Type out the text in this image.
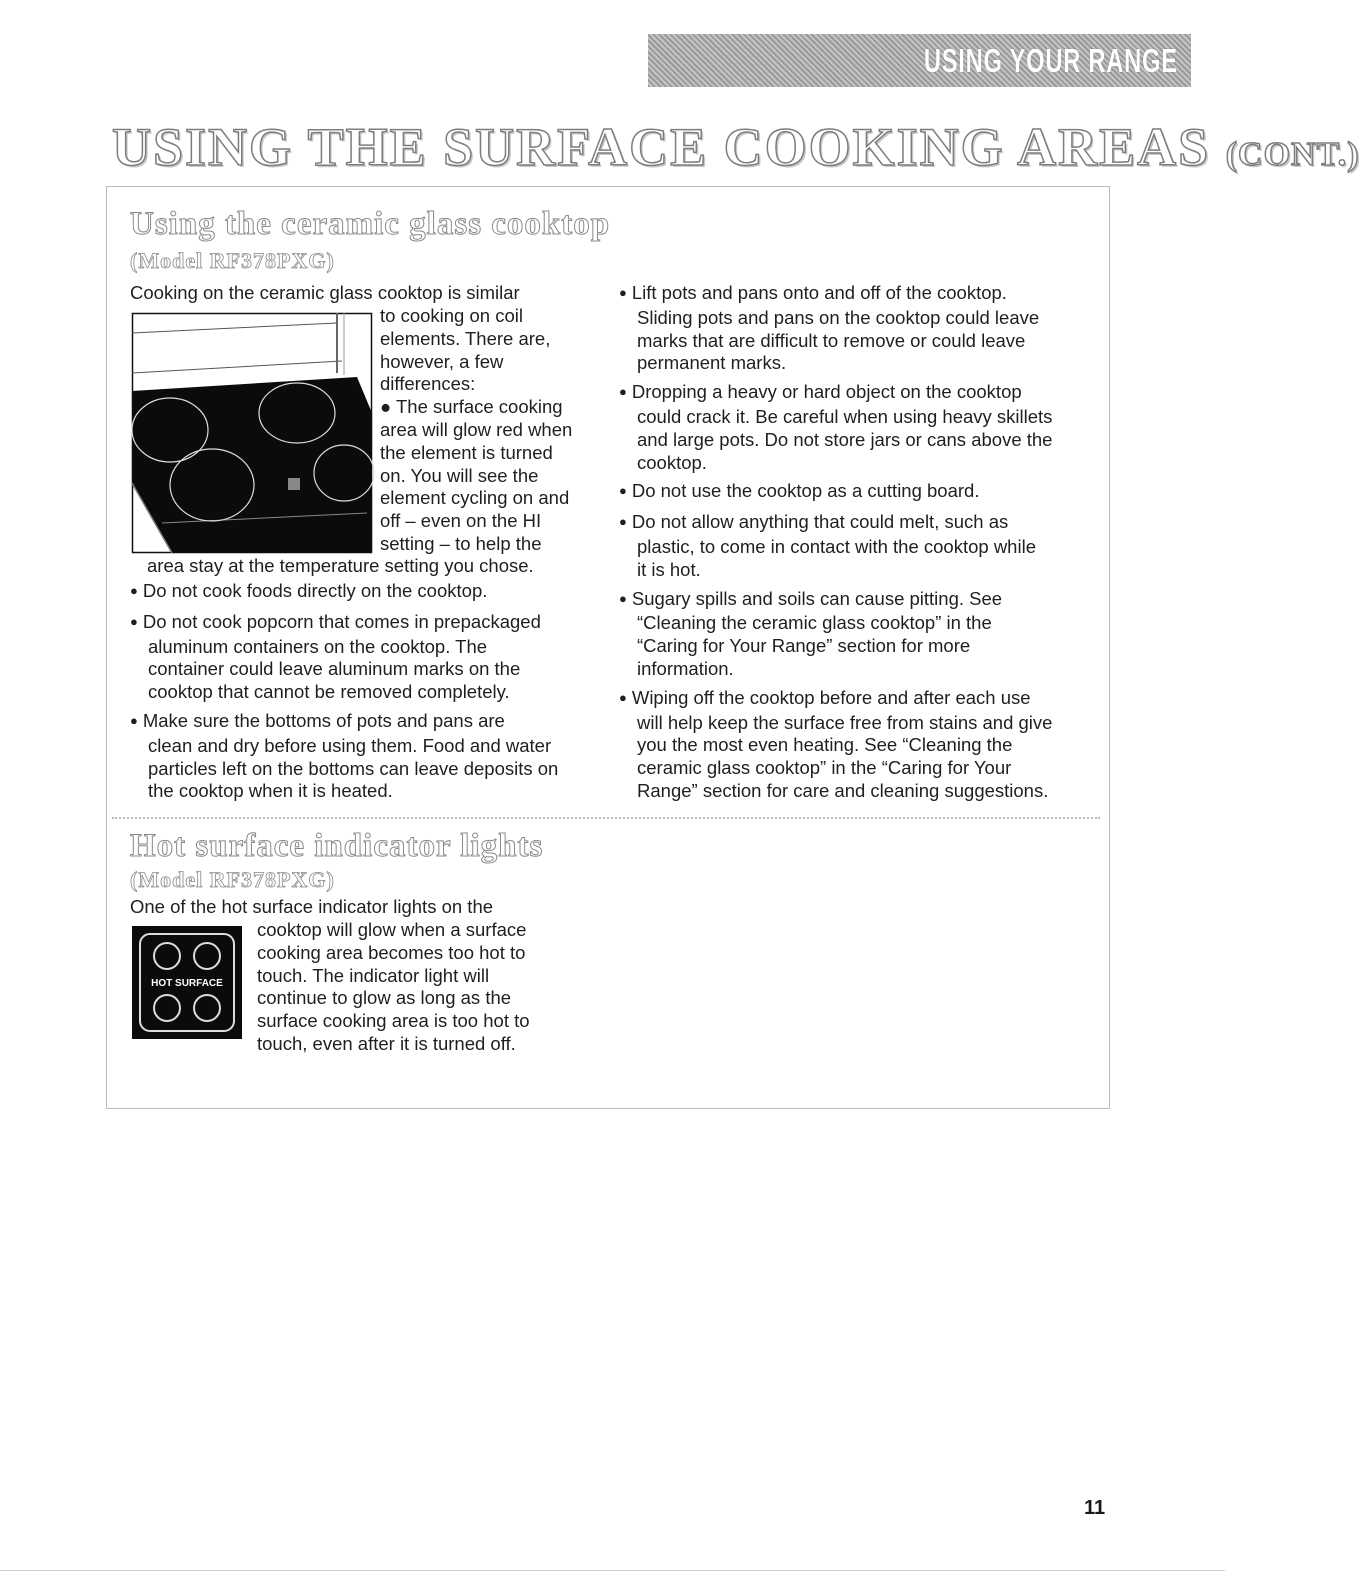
USING YOUR RANGE
USING THE SURFACE COOKING AREAS (CONT.)
Using the ceramic glass cooktop
(Model RF378PXG)

Cooking on the ceramic glass cooktop is similar

to cooking on coil

elements. There are,

however, a few

differences:

● The surface cooking

area will glow red when

the element is turned

on. You will see the

element cycling on and

off – even on the HI

setting – to help the

area stay at the temperature setting you chose.

● Do not cook foods directly on the cooktop.

● Do not cook popcorn that comes in prepackaged

aluminum containers on the cooktop. The

container could leave aluminum marks on the

cooktop that cannot be removed completely.

● Make sure the bottoms of pots and pans are

clean and dry before using them. Food and water

particles left on the bottoms can leave deposits on

the cooktop when it is heated.

● Lift pots and pans onto and off of the cooktop.

Sliding pots and pans on the cooktop could leave

marks that are difficult to remove or could leave

permanent marks.

● Dropping a heavy or hard object on the cooktop

could crack it. Be careful when using heavy skillets

and large pots. Do not store jars or cans above the

cooktop.

● Do not use the cooktop as a cutting board.

● Do not allow anything that could melt, such as

plastic, to come in contact with the cooktop while

it is hot.

● Sugary spills and soils can cause pitting. See

“Cleaning the ceramic glass cooktop” in the

“Caring for Your Range” section for more

information.

● Wiping off the cooktop before and after each use

will help keep the surface free from stains and give

you the most even heating. See “Cleaning the

ceramic glass cooktop” in the “Caring for Your

Range” section for care and cleaning suggestions.

Hot surface indicator lights
(Model RF378PXG)
HOT SURFACE

One of the hot surface indicator lights on the

cooktop will glow when a surface

cooking area becomes too hot to

touch. The indicator light will

continue to glow as long as the

surface cooking area is too hot to

touch, even after it is turned off.

11
